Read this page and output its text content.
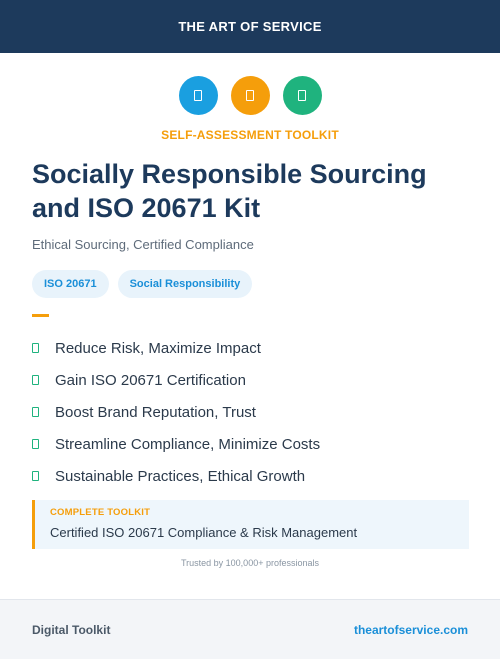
THE ART OF SERVICE
SELF-ASSESSMENT TOOLKIT
Socially Responsible Sourcing
and ISO 20671 Kit
Ethical Sourcing, Certified Compliance
ISO 20671	Social Responsibility
Reduce Risk, Maximize Impact
Gain ISO 20671 Certification
Boost Brand Reputation, Trust
Streamline Compliance, Minimize Costs
Sustainable Practices, Ethical Growth
COMPLETE TOOLKIT
Certified ISO 20671 Compliance & Risk Management
Trusted by 100,000+ professionals
Digital Toolkit	theartofservice.com
